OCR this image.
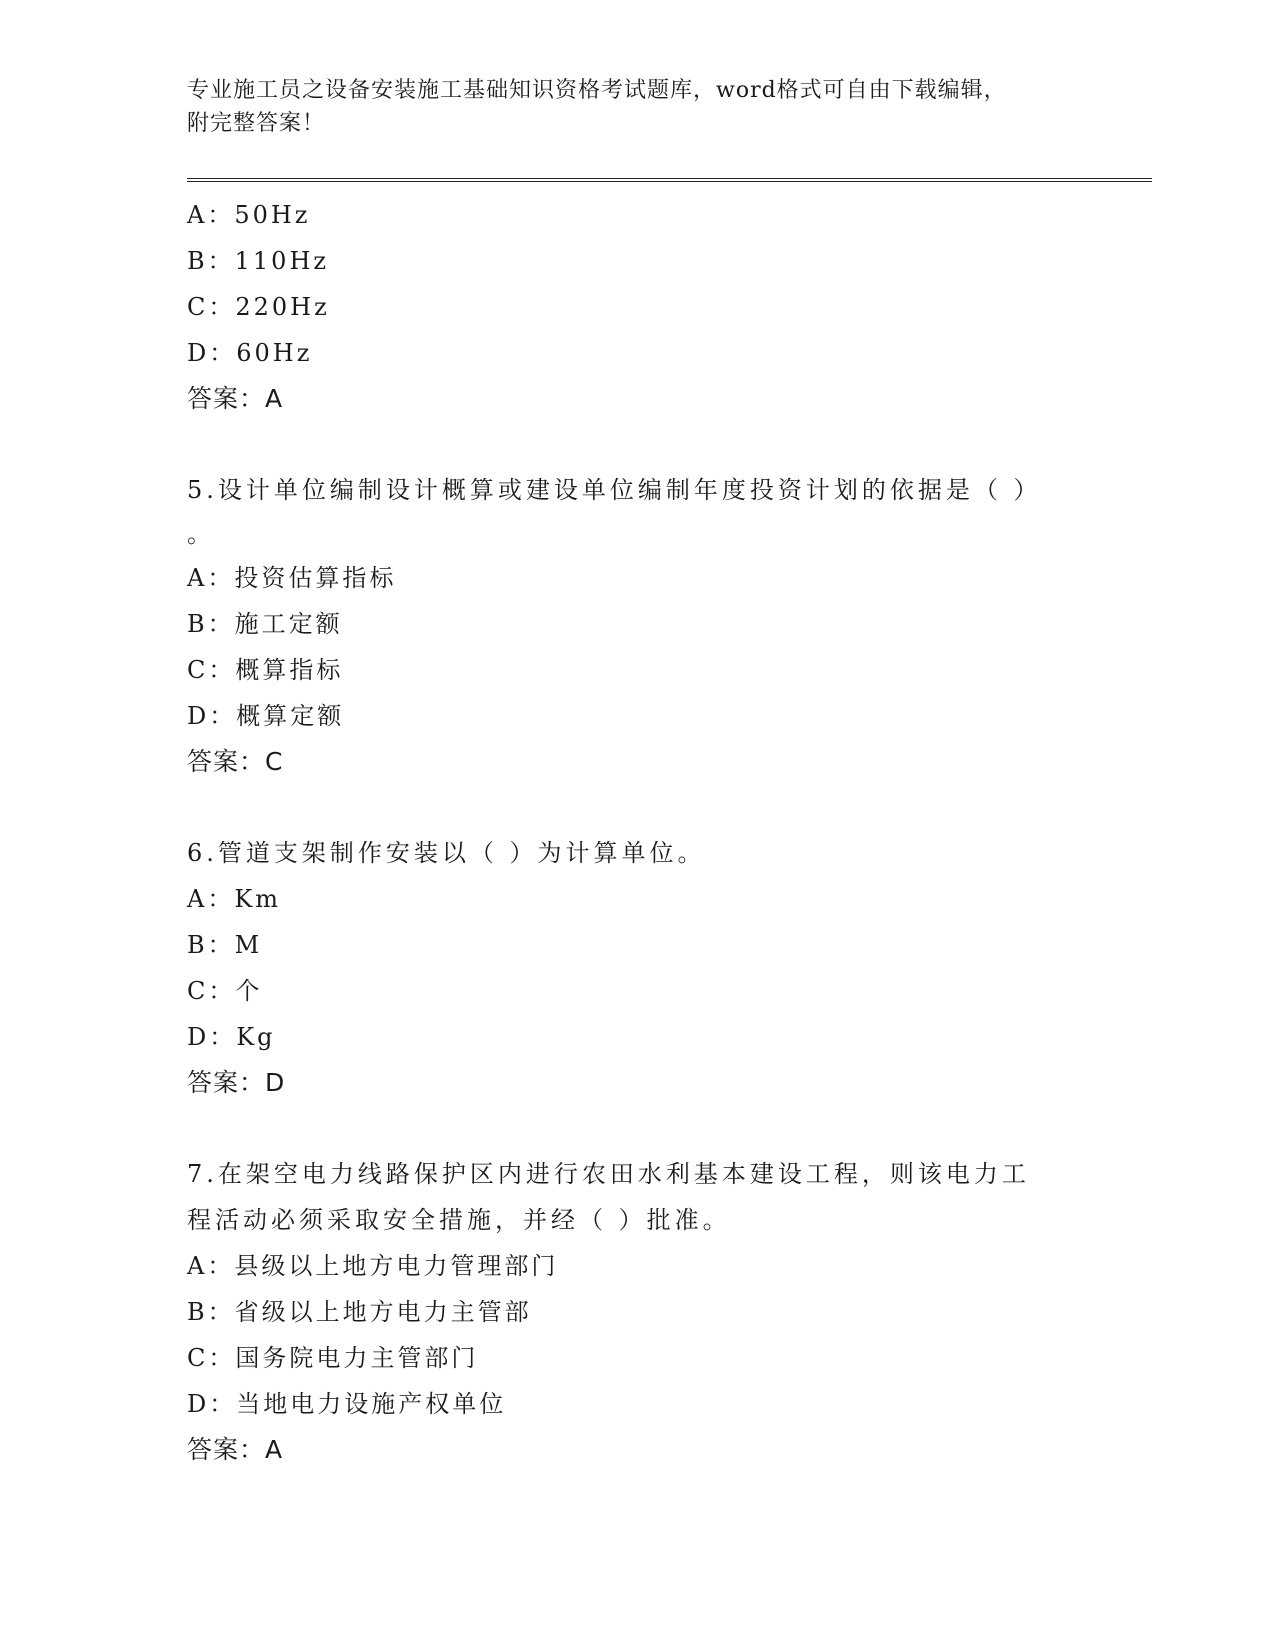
专业施工员之设备安装施工基础知识资格考试题库，word格式可自由下载编辑，
附完整答案！
A：50Hz
B：110Hz
C：220Hz
D：60Hz
答案：A
5.设计单位编制设计概算或建设单位编制年度投资计划的依据是（ ）
。
A：投资估算指标
B：施工定额
C：概算指标
D：概算定额
答案：C
6.管道支架制作安装以（ ）为计算单位。
A：Km
B：M
C：个
D：Kg
答案：D
7.在架空电力线路保护区内进行农田水利基本建设工程，则该电力工
程活动必须采取安全措施，并经（ ）批准。
A：县级以上地方电力管理部门
B：省级以上地方电力主管部
C：国务院电力主管部门
D：当地电力设施产权单位
答案：A
